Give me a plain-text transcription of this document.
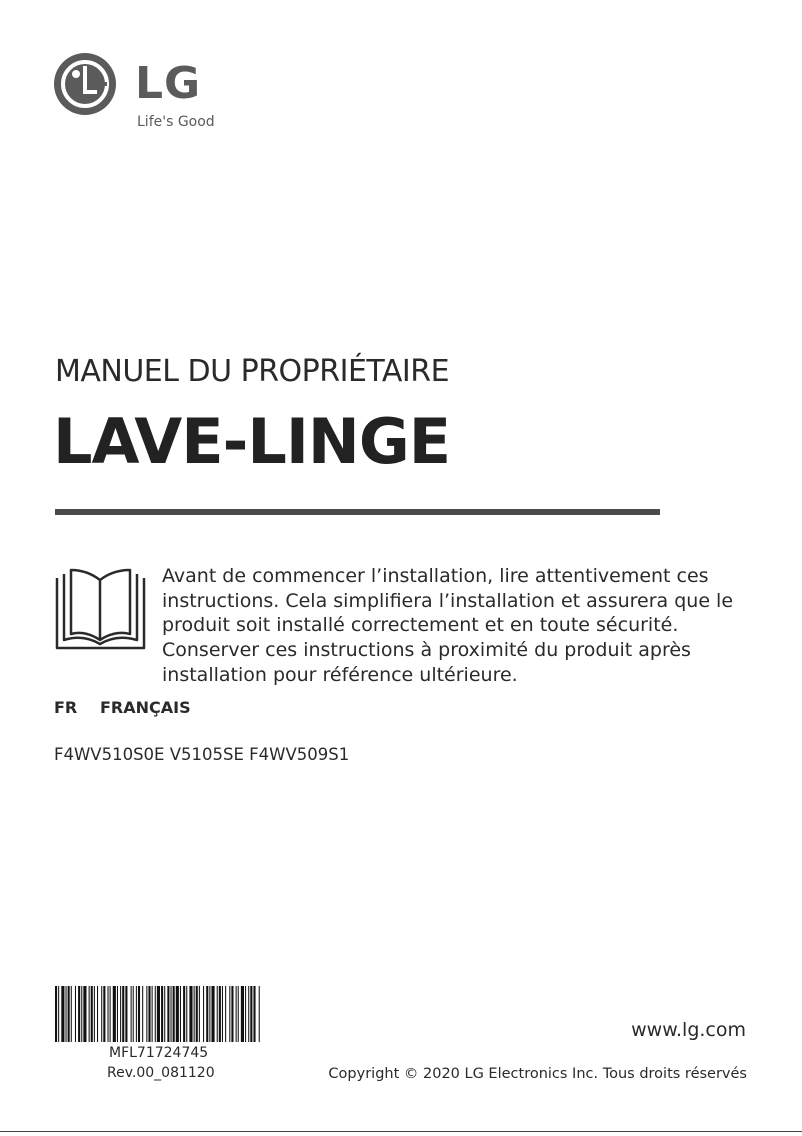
LG
Life's Good
MANUEL DU PROPRIÉTAIRE
LAVE-LINGE
Avant de commencer l’installation, lire attentivement ces
instructions. Cela simplifiera l’installation et assurera que le
produit soit installé correctement et en toute sécurité.
Conserver ces instructions à proximité du produit après
installation pour référence ultérieure.
FR FRANÇAIS
F4WV510S0E V5105SE F4WV509S1
MFL71724745
Rev.00_081120
www.lg.com
Copyright © 2020 LG Electronics Inc. Tous droits réservés
